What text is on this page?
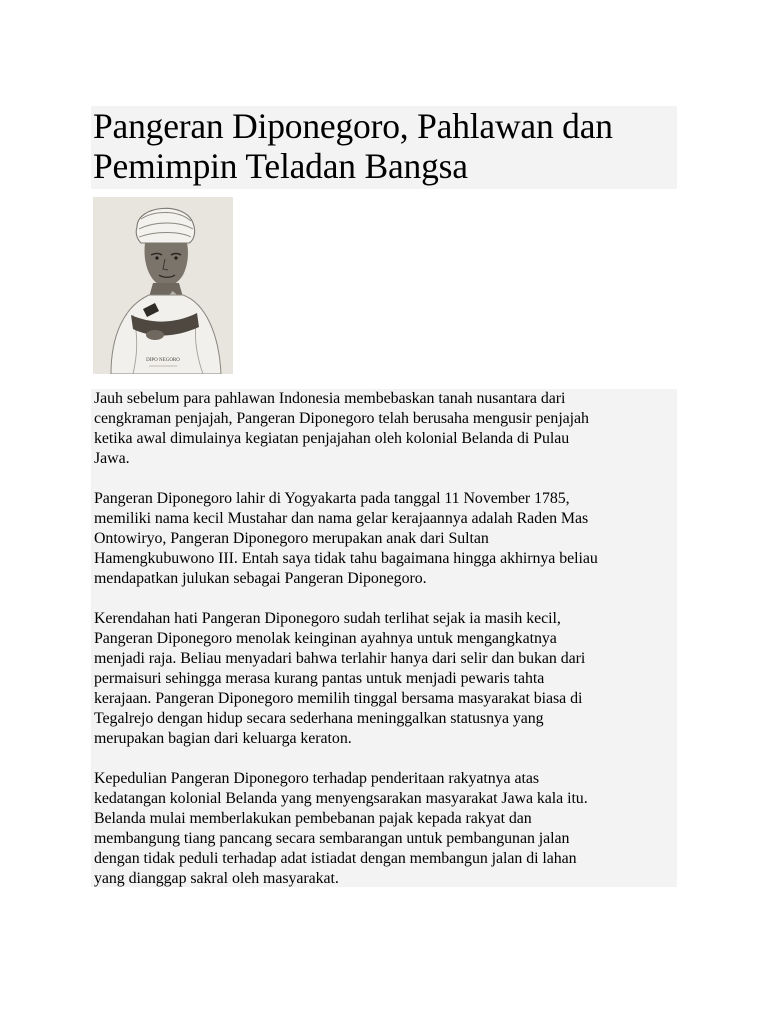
Pangeran Diponegoro, Pahlawan dan
Pemimpin Teladan Bangsa
DIPO NEGORO
Jauh sebelum para pahlawan Indonesia membebaskan tanah nusantara dari
cengkraman penjajah, Pangeran Diponegoro telah berusaha mengusir penjajah
ketika awal dimulainya kegiatan penjajahan oleh kolonial Belanda di Pulau
Jawa.
Pangeran Diponegoro lahir di Yogyakarta pada tanggal 11 November 1785,
memiliki nama kecil Mustahar dan nama gelar kerajaannya adalah Raden Mas
Ontowiryo, Pangeran Diponegoro merupakan anak dari Sultan
Hamengkubuwono III. Entah saya tidak tahu bagaimana hingga akhirnya beliau
mendapatkan julukan sebagai Pangeran Diponegoro.
Kerendahan hati Pangeran Diponegoro sudah terlihat sejak ia masih kecil,
Pangeran Diponegoro menolak keinginan ayahnya untuk mengangkatnya
menjadi raja. Beliau menyadari bahwa terlahir hanya dari selir dan bukan dari
permaisuri sehingga merasa kurang pantas untuk menjadi pewaris tahta
kerajaan. Pangeran Diponegoro memilih tinggal bersama masyarakat biasa di
Tegalrejo dengan hidup secara sederhana meninggalkan statusnya yang
merupakan bagian dari keluarga keraton.
Kepedulian Pangeran Diponegoro terhadap penderitaan rakyatnya atas
kedatangan kolonial Belanda yang menyengsarakan masyarakat Jawa kala itu.
Belanda mulai memberlakukan pembebanan pajak kepada rakyat dan
membangung tiang pancang secara sembarangan untuk pembangunan jalan
dengan tidak peduli terhadap adat istiadat dengan membangun jalan di lahan
yang dianggap sakral oleh masyarakat.
